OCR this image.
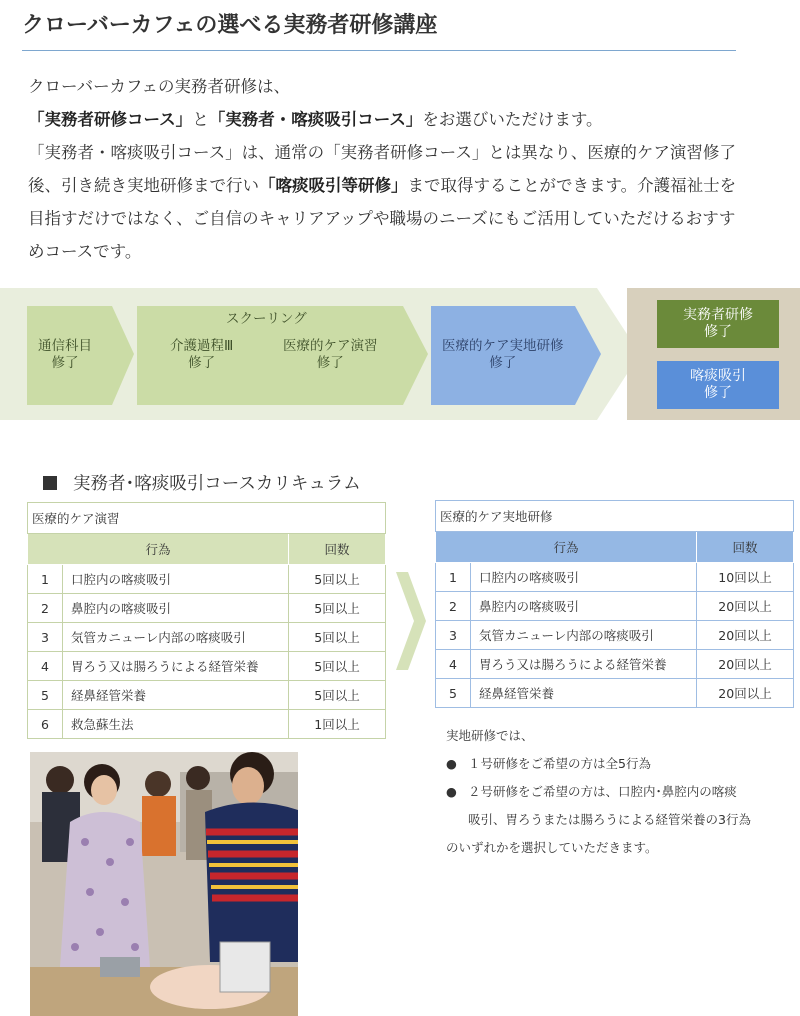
クローバーカフェの選べる実務者研修講座

クローバーカフェの実務者研修は、

「実務者研修コース」と「実務者・喀痰吸引コース」をお選びいただけます。

「実務者・喀痰吸引コース」は、通常の「実務者研修コース」とは異なり、医療的ケア演習修了後、引き続き実地研修まで行い「喀痰吸引等研修」まで取得することができます。介護福祉士を目指すだけではなく、ご自信のキャリアアップや職場のニーズにもご活用していただけるおすすめコースです。

通信科目
修了
スクーリング
介護過程Ⅲ
修了
医療的ケア演習
修了
医療的ケア実地研修
修了
実務者研修
修了
喀痰吸引
修了
実務者･喀痰吸引コースカリキュラム
医療的ケア演習		
行為		回数
1	口腔内の喀痰吸引	5回以上
2	鼻腔内の喀痰吸引	5回以上
3	気管カニューレ内部の喀痰吸引	5回以上
4	胃ろう又は腸ろうによる経管栄養	5回以上
5	経鼻経管栄養	5回以上
6	救急蘇生法	1回以上
医療的ケア実地研修		
行為		回数
1	口腔内の喀痰吸引	10回以上
2	鼻腔内の喀痰吸引	20回以上
3	気管カニューレ内部の喀痰吸引	20回以上
4	胃ろう又は腸ろうによる経管栄養	20回以上
5	経鼻経管栄養	20回以上
実地研修では、
● １号研修をご希望の方は全5行為
● ２号研修をご希望の方は、口腔内･鼻腔内の喀痰
吸引、胃ろうまたは腸ろうによる経管栄養の3行為
のいずれかを選択していただきます。
